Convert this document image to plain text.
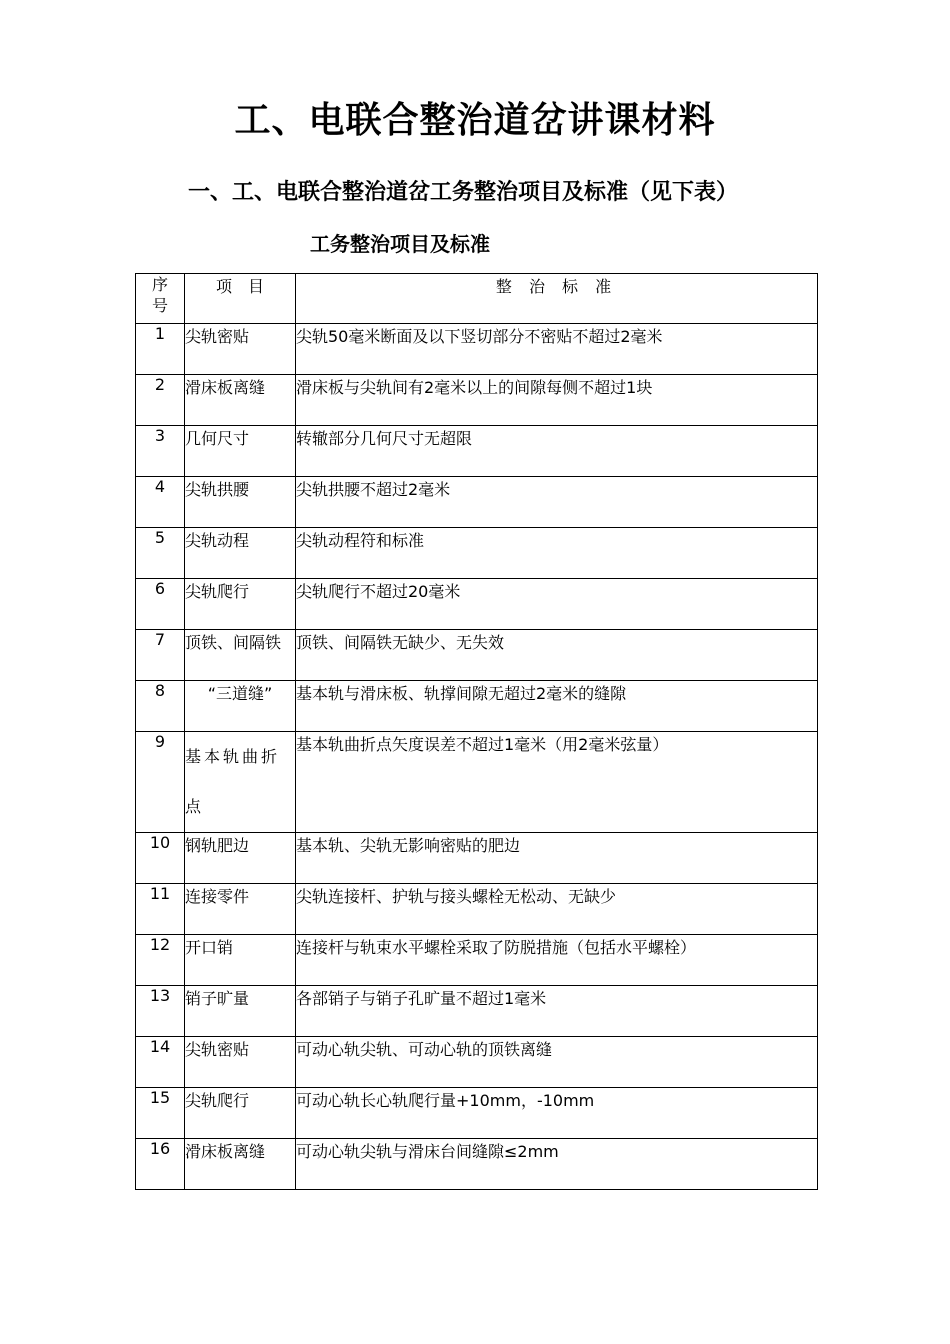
工、电联合整治道岔讲课材料
一、工、电联合整治道岔工务整治项目及标准（见下表）
工务整治项目及标准
序号	项　目	整 治 标 准
1	尖轨密贴	尖轨50毫米断面及以下竖切部分不密贴不超过2毫米
2	滑床板离缝	滑床板与尖轨间有2毫米以上的间隙每侧不超过1块
3	几何尺寸	转辙部分几何尺寸无超限
4	尖轨拱腰	尖轨拱腰不超过2毫米
5	尖轨动程	尖轨动程符和标准
6	尖轨爬行	尖轨爬行不超过20毫米
7	顶铁、间隔铁	顶铁、间隔铁无缺少、无失效
8	“三道缝”	基本轨与滑床板、轨撑间隙无超过2毫米的缝隙
9	基本轨曲折点	基本轨曲折点矢度误差不超过1毫米（用2毫米弦量）
10	钢轨肥边	基本轨、尖轨无影响密贴的肥边
11	连接零件	尖轨连接杆、护轨与接头螺栓无松动、无缺少
12	开口销	连接杆与轨束水平螺栓采取了防脱措施（包括水平螺栓）
13	销子旷量	各部销子与销子孔旷量不超过1毫米
14	尖轨密贴	可动心轨尖轨、可动心轨的顶铁离缝
15	尖轨爬行	可动心轨长心轨爬行量+10mm，-10mm
16	滑床板离缝	可动心轨尖轨与滑床台间缝隙≤2mm
